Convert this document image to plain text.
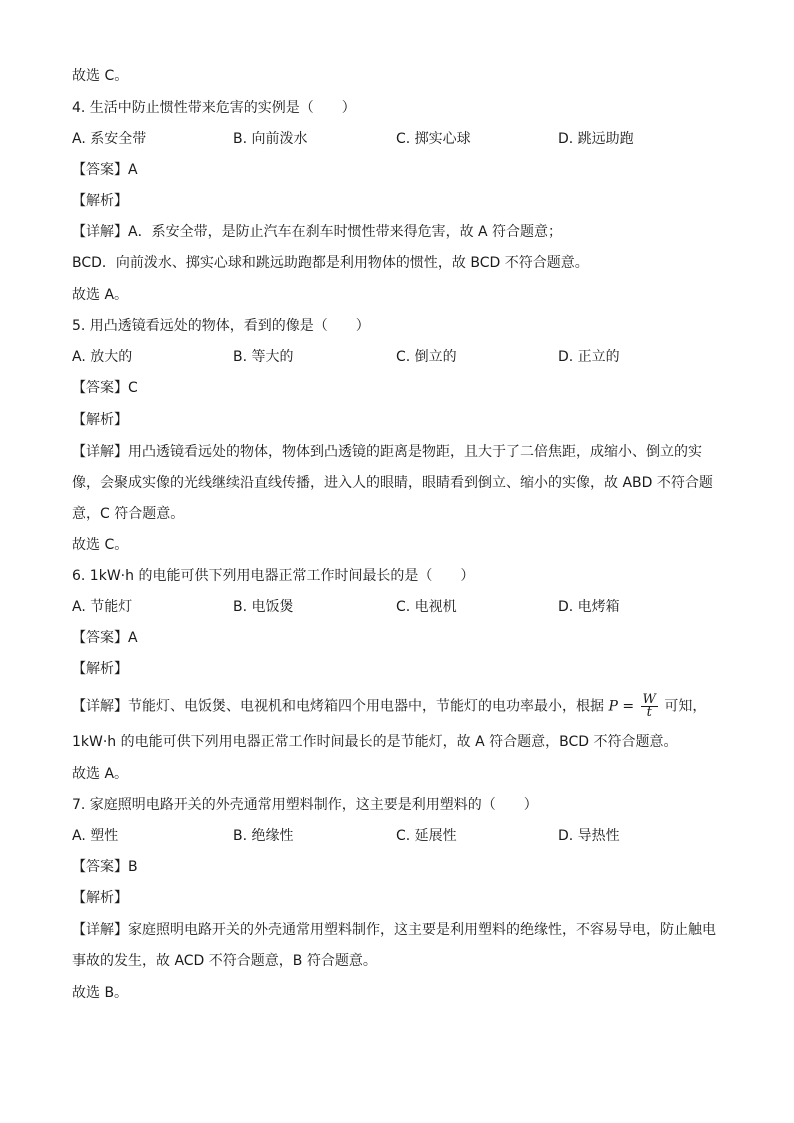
故选 C。
4. 生活中防止惯性带来危害的实例是（　　）
A. 系安全带	B. 向前泼水	C. 掷实心球	D. 跳远助跑
【答案】A
【解析】
【详解】A．系安全带，是防止汽车在刹车时惯性带来得危害，故 A 符合题意；
BCD．向前泼水、掷实心球和跳远助跑都是利用物体的惯性，故 BCD 不符合题意。
故选 A。
5. 用凸透镜看远处的物体，看到的像是（　　）
A. 放大的	B. 等大的	C. 倒立的	D. 正立的
【答案】C
【解析】
【详解】用凸透镜看远处的物体，物体到凸透镜的距离是物距，且大于了二倍焦距，成缩小、倒立的实
像，会聚成实像的光线继续沿直线传播，进入人的眼睛，眼睛看到倒立、缩小的实像，故 ABD 不符合题
意，C 符合题意。
故选 C。
6. 1kW·h 的电能可供下列用电器正常工作时间最长的是（　　）
A. 节能灯	B. 电饭煲	C. 电视机	D. 电烤箱
【答案】A
【解析】
【详解】节能灯、电饭煲、电视机和电烤箱四个用电器中，节能灯的电功率最小，根据 $P = \frac{W}{t}$ 可知，
1kW·h 的电能可供下列用电器正常工作时间最长的是节能灯，故 A 符合题意，BCD 不符合题意。
故选 A。
7. 家庭照明电路开关的外壳通常用塑料制作，这主要是利用塑料的（　　）
A. 塑性	B. 绝缘性	C. 延展性	D. 导热性
【答案】B
【解析】
【详解】家庭照明电路开关的外壳通常用塑料制作，这主要是利用塑料的绝缘性，不容易导电，防止触电
事故的发生，故 ACD 不符合题意，B 符合题意。
故选 B。
